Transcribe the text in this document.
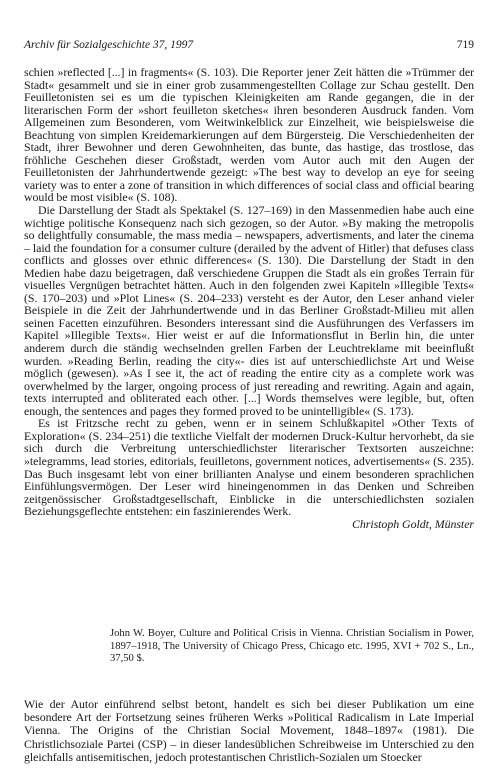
Archiv für Sozialgeschichte 37, 1997	719

schien »reflected [...] in fragments« (S. 103). Die Reporter jener Zeit hätten die »Trümmer der Stadt« gesammelt und sie in einer grob zusammengestellten Collage zur Schau gestellt. Den Feuilletonisten sei es um die typischen Kleinigkeiten am Rande gegangen, die in der literarischen Form der »short feuilleton sketches« ihren besonderen Ausdruck fanden. Vom Allgemeinen zum Besonderen, vom Weitwinkelblick zur Einzelheit, wie beispielsweise die Beachtung von simplen Kreidemarkierungen auf dem Bürgersteig. Die Verschiedenheiten der Stadt, ihrer Bewohner und deren Gewohnheiten, das bunte, das hastige, das trostlose, das fröhliche Geschehen dieser Großstadt, werden vom Autor auch mit den Augen der Feuilletonisten der Jahrhundertwende gezeigt: »The best way to develop an eye for seeing variety was to enter a zone of transition in which differences of social class and official bearing would be most visible« (S. 108).

Die Darstellung der Stadt als Spektakel (S. 127–169) in den Massenmedien habe auch eine wichtige politische Konsequenz nach sich gezogen, so der Autor. »By making the metropolis so delightfully consumable, the mass media – newspapers, advertisments, and later the cinema – laid the foundation for a consumer culture (derailed by the advent of Hitler) that defuses class conflicts and glosses over ethnic differences« (S. 130). Die Darstellung der Stadt in den Medien habe dazu beigetragen, daß verschiedene Gruppen die Stadt als ein großes Terrain für visuelles Vergnügen betrachtet hätten. Auch in den folgenden zwei Kapiteln »Illegible Texts« (S. 170–203) und »Plot Lines« (S. 204–233) versteht es der Autor, den Leser anhand vieler Beispiele in die Zeit der Jahrhundertwende und in das Berliner Großstadt-Milieu mit allen seinen Facetten einzuführen. Besonders interessant sind die Ausführungen des Verfassers im Kapitel »Illegible Texts«. Hier weist er auf die Informationsflut in Berlin hin, die unter anderem durch die ständig wechselnden grellen Farben der Leuchtreklame mit beeinflußt wurden. »Reading Berlin, reading the city«- dies ist auf unterschiedlichste Art und Weise möglich (gewesen). »As I see it, the act of reading the entire city as a complete work was overwhelmed by the larger, ongoing process of just rereading and rewriting. Again and again, texts interrupted and obliterated each other. [...] Words themselves were legible, but, often enough, the sentences and pages they formed proved to be unintelligible« (S. 173).

Es ist Fritzsche recht zu geben, wenn er in seinem Schlußkapitel »Other Texts of Exploration« (S. 234–251) die textliche Vielfalt der modernen Druck-Kultur hervorhebt, da sie sich durch die Verbreitung unterschiedlichster literarischer Textsorten auszeichne: »telegramms, lead stories, editorials, feuilletons, government notices, advertisements« (S. 235). Das Buch insgesamt lebt von einer brillianten Analyse und einem besonderen sprachlichen Einfühlungsvermögen. Der Leser wird hineingenommen in das Denken und Schreiben zeitgenössischer Großstadtgesellschaft, Einblicke in die unterschiedlichsten sozialen Beziehungsgeflechte entstehen: ein faszinierendes Werk.

Christoph Goldt, Münster

John W. Boyer, Culture and Political Crisis in Vienna. Christian Socialism in Power, 1897–1918, The University of Chicago Press, Chicago etc. 1995, XVI + 702 S., Ln., 37,50 $.

Wie der Autor einführend selbst betont, handelt es sich bei dieser Publikation um eine besondere Art der Fortsetzung seines früheren Werks »Political Radicalism in Late Imperial Vienna. The Origins of the Christian Social Movement, 1848–1897« (1981). Die Christlichsoziale Partei (CSP) – in dieser landesüblichen Schreibweise im Unterschied zu den gleichfalls antisemitischen, jedoch protestantischen Christlich-Sozialen um Stoecker
